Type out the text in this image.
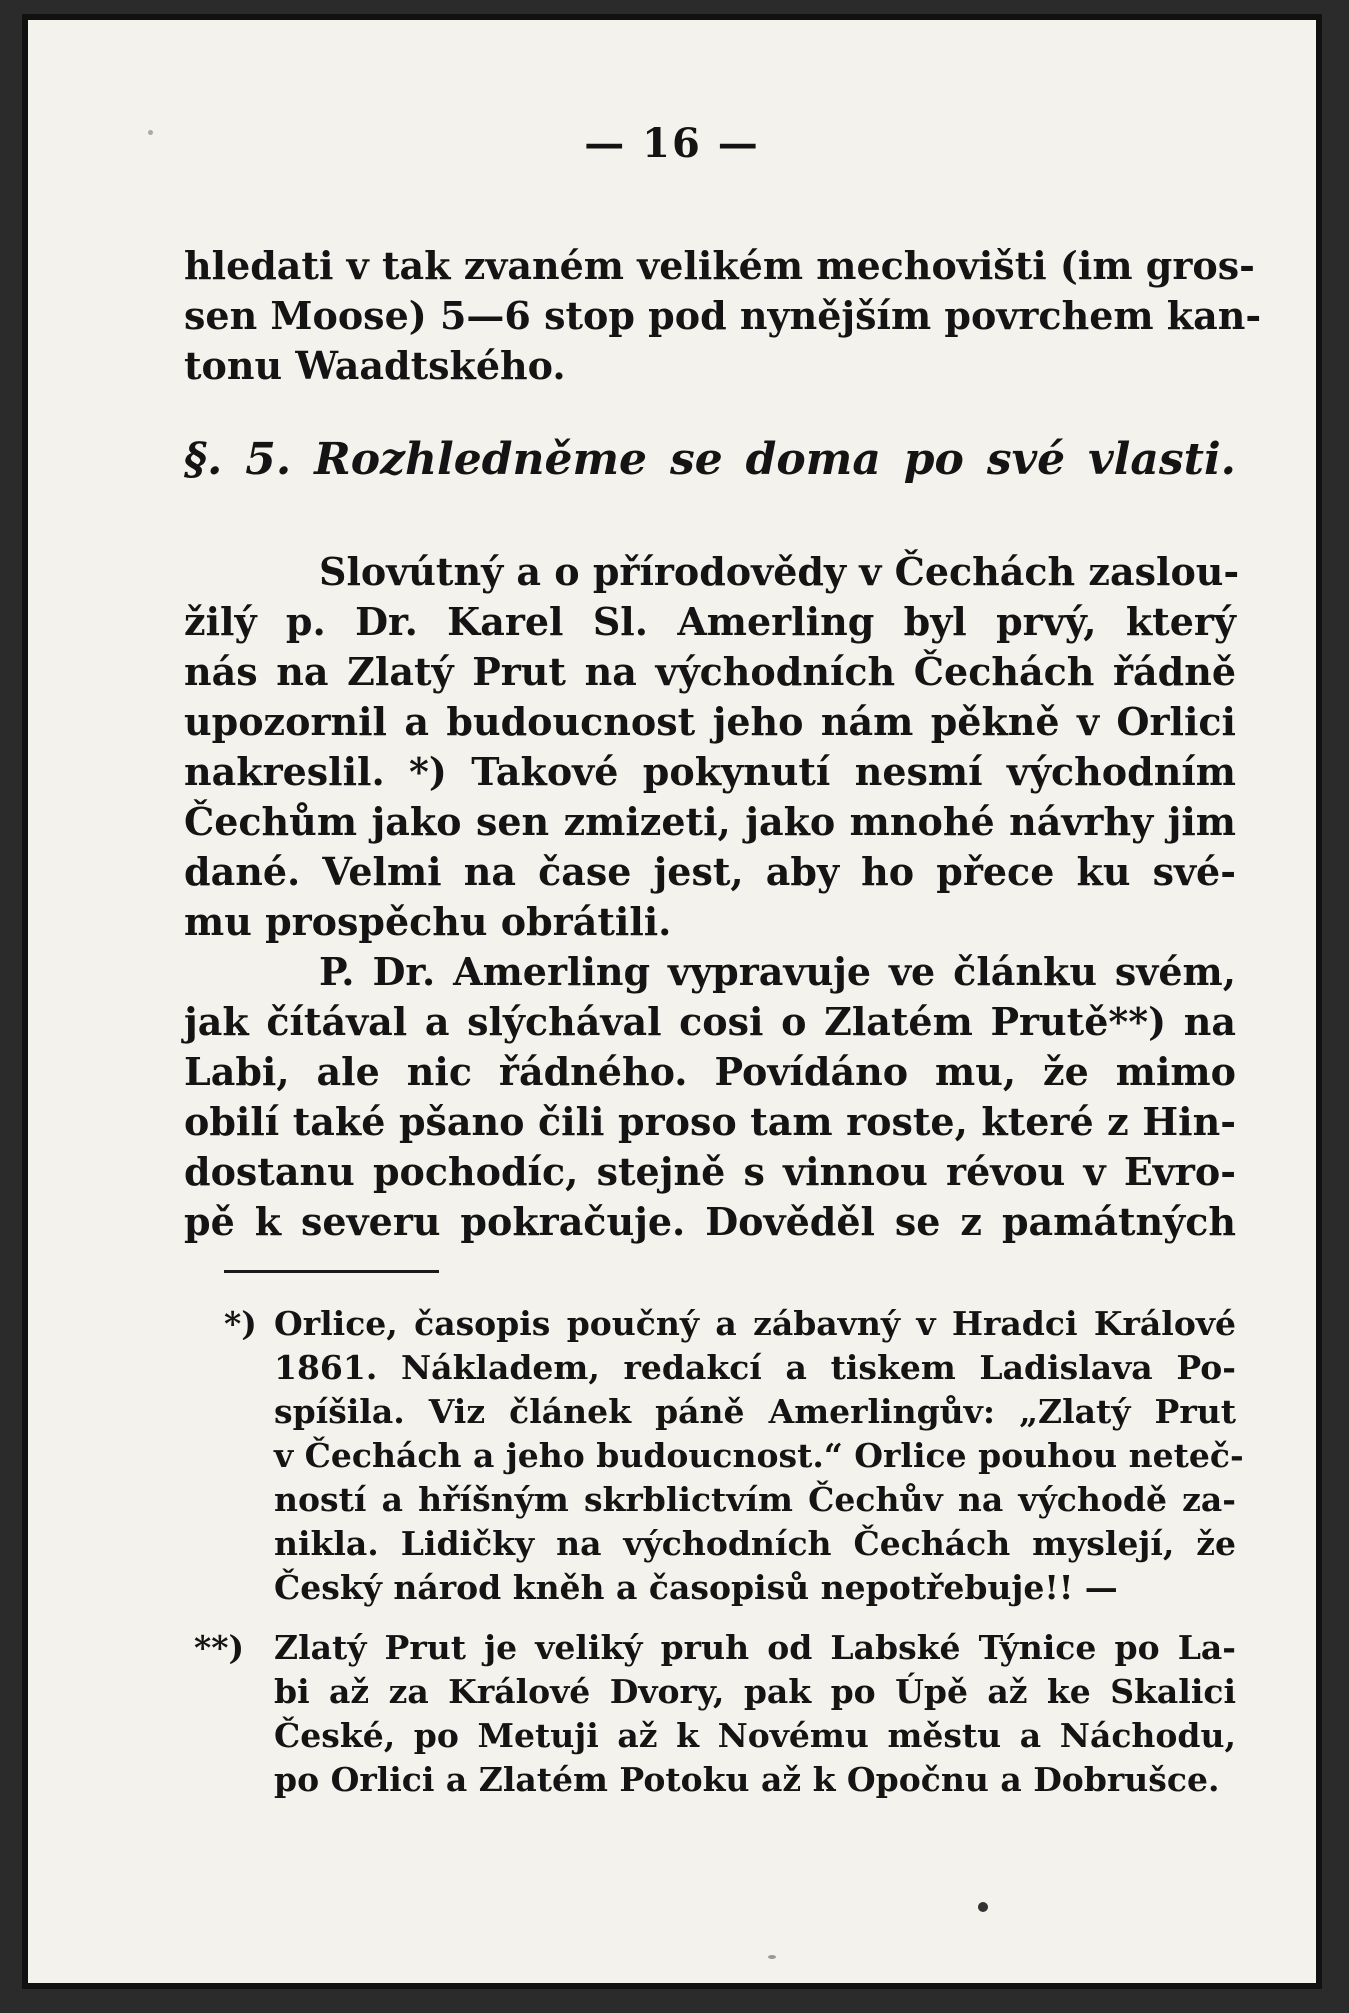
— 16 —
hledati v tak zvaném velikém mechovišti (im gros-
sen Moose) 5—6 stop pod nynějším povrchem kan-
tonu Waadtského.
§. 5. Rozhledněme se doma po své vlasti.
Slovútný a o přírodovědy v Čechách zaslou-
žilý p. Dr. Karel Sl. Amerling byl prvý, který
nás na Zlatý Prut na východních Čechách řádně
upozornil a budoucnost jeho nám pěkně v Orlici
nakreslil. *) Takové pokynutí nesmí východním
Čechům jako sen zmizeti, jako mnohé návrhy jim
dané. Velmi na čase jest, aby ho přece ku své-
mu prospěchu obrátili.
P. Dr. Amerling vypravuje ve článku svém,
jak čítával a slýchával cosi o Zlatém Prutě**) na
Labi, ale nic řádného. Povídáno mu, že mimo
obilí také pšano čili proso tam roste, které z Hin-
dostanu pochodíc, stejně s vinnou révou v Evro-
pě k severu pokračuje. Dověděl se z památných
*) Orlice, časopis poučný a zábavný v Hradci Králové
1861. Nákladem, redakcí a tiskem Ladislava Po-
spíšila. Viz článek páně Amerlingův: „Zlatý Prut
v Čechách a jeho budoucnost.“ Orlice pouhou neteč-
ností a hříšným skrblictvím Čechův na východě za-
nikla. Lidičky na východních Čechách myslejí, že
Český národ kněh a časopisů nepotřebuje!! —
**) Zlatý Prut je veliký pruh od Labské Týnice po La-
bi až za Králové Dvory, pak po Úpě až ke Skalici
České, po Metuji až k Novému městu a Náchodu,
po Orlici a Zlatém Potoku až k Opočnu a Dobrušce.
